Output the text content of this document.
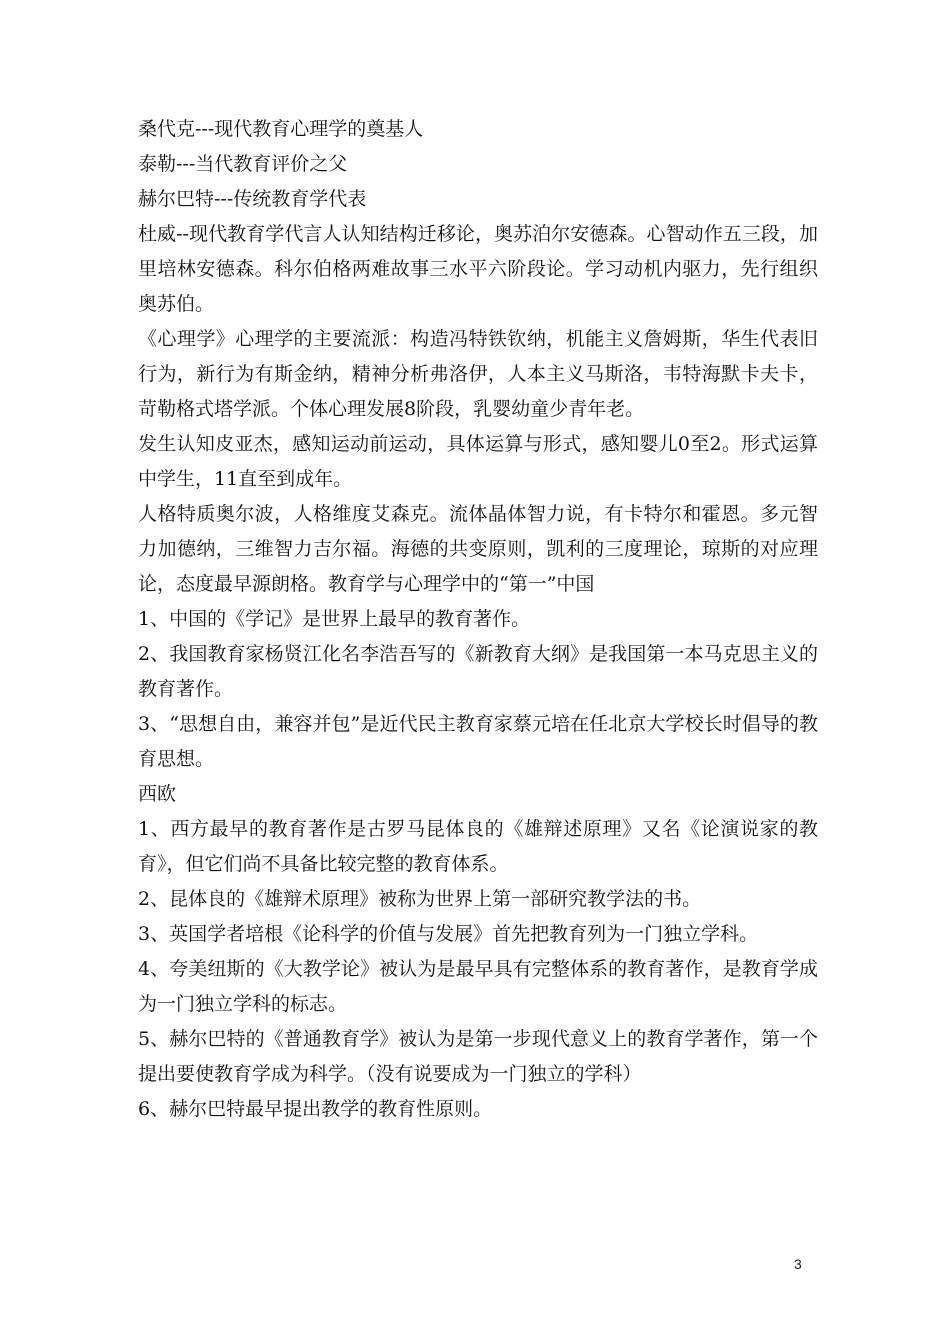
桑代克---现代教育心理学的奠基人

泰勒---当代教育评价之父

赫尔巴特---传统教育学代表

杜威--现代教育学代言人认知结构迁移论，奥苏泊尔安德森。心智动作五三段，加里培林安德森。科尔伯格两难故事三水平六阶段论。学习动机内驱力，先行组织奥苏伯。

《心理学》心理学的主要流派：构造冯特铁钦纳，机能主义詹姆斯，华生代表旧行为，新行为有斯金纳，精神分析弗洛伊，人本主义马斯洛，韦特海默卡夫卡，苛勒格式塔学派。个体心理发展8阶段，乳婴幼童少青年老。

发生认知皮亚杰，感知运动前运动，具体运算与形式，感知婴儿0至2。形式运算中学生，11直至到成年。

人格特质奥尔波，人格维度艾森克。流体晶体智力说，有卡特尔和霍恩。多元智力加德纳，三维智力吉尔福。海德的共变原则，凯利的三度理论，琼斯的对应理论，态度最早源朗格。教育学与心理学中的“第一”中国

1、中国的《学记》是世界上最早的教育著作。

2、我国教育家杨贤江化名李浩吾写的《新教育大纲》是我国第一本马克思主义的教育著作。

3、“思想自由，兼容并包”是近代民主教育家蔡元培在任北京大学校长时倡导的教育思想。

西欧

1、西方最早的教育著作是古罗马昆体良的《雄辩述原理》又名《论演说家的教育》，但它们尚不具备比较完整的教育体系。

2、昆体良的《雄辩术原理》被称为世界上第一部研究教学法的书。

3、英国学者培根《论科学的价值与发展》首先把教育列为一门独立学科。

4、夸美纽斯的《大教学论》被认为是最早具有完整体系的教育著作，是教育学成为一门独立学科的标志。

5、赫尔巴特的《普通教育学》被认为是第一步现代意义上的教育学著作，第一个提出要使教育学成为科学。（没有说要成为一门独立的学科）

6、赫尔巴特最早提出教学的教育性原则。

3
